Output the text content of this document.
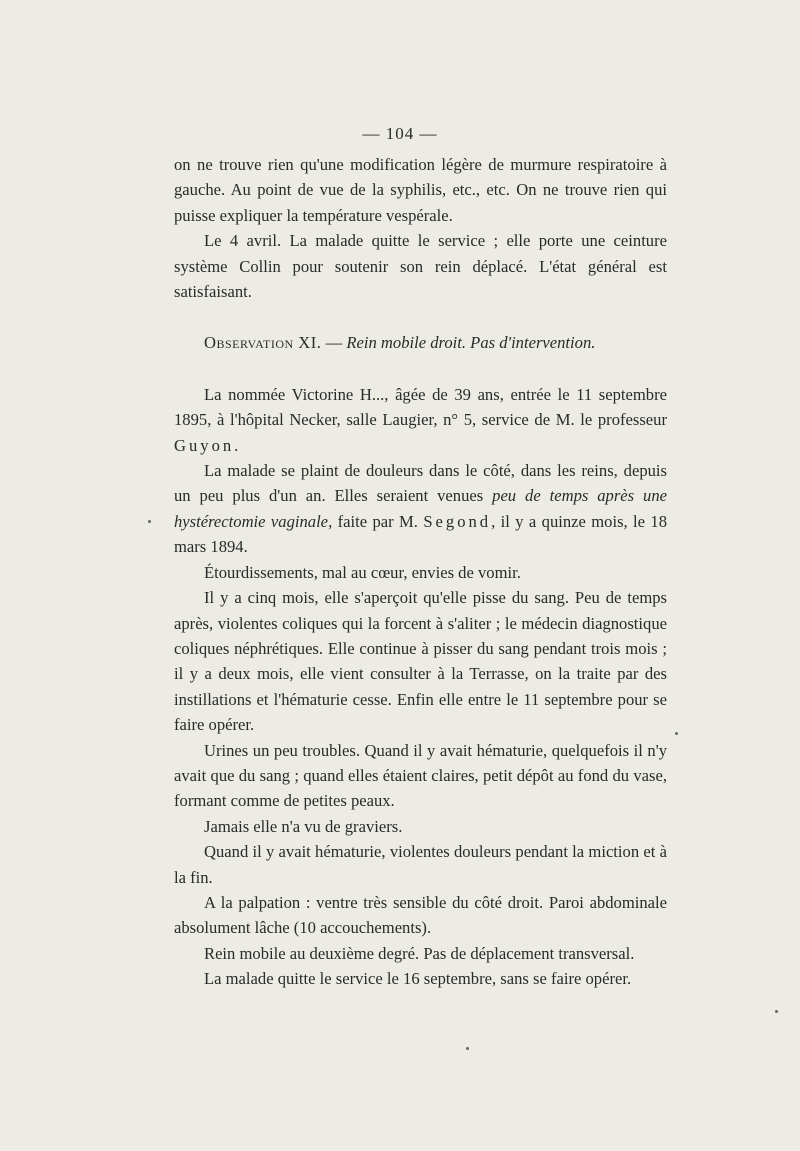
— 104 —

on ne trouve rien qu'une modification légère de murmure respiratoire à gauche. Au point de vue de la syphilis, etc., etc. On ne trouve rien qui puisse expliquer la température vespérale.

Le 4 avril. La malade quitte le service ; elle porte une ceinture système Collin pour soutenir son rein déplacé. L'état général est satisfaisant.

Observation XI. — Rein mobile droit. Pas d'intervention.

La nommée Victorine H..., âgée de 39 ans, entrée le 11 septembre 1895, à l'hôpital Necker, salle Laugier, n° 5, service de M. le professeur Guyon.

La malade se plaint de douleurs dans le côté, dans les reins, depuis un peu plus d'un an. Elles seraient venues peu de temps après une hystérectomie vaginale, faite par M. Segond, il y a quinze mois, le 18 mars 1894.

Étourdissements, mal au cœur, envies de vomir.

Il y a cinq mois, elle s'aperçoit qu'elle pisse du sang. Peu de temps après, violentes coliques qui la forcent à s'aliter ; le médecin diagnostique coliques néphrétiques. Elle continue à pisser du sang pendant trois mois ; il y a deux mois, elle vient consulter à la Terrasse, on la traite par des instillations et l'hématurie cesse. Enfin elle entre le 11 septembre pour se faire opérer.

Urines un peu troubles. Quand il y avait hématurie, quelquefois il n'y avait que du sang ; quand elles étaient claires, petit dépôt au fond du vase, formant comme de petites peaux.

Jamais elle n'a vu de graviers.

Quand il y avait hématurie, violentes douleurs pendant la miction et à la fin.

A la palpation : ventre très sensible du côté droit. Paroi abdominale absolument lâche (10 accouchements).

Rein mobile au deuxième degré. Pas de déplacement transversal.

La malade quitte le service le 16 septembre, sans se faire opérer.
